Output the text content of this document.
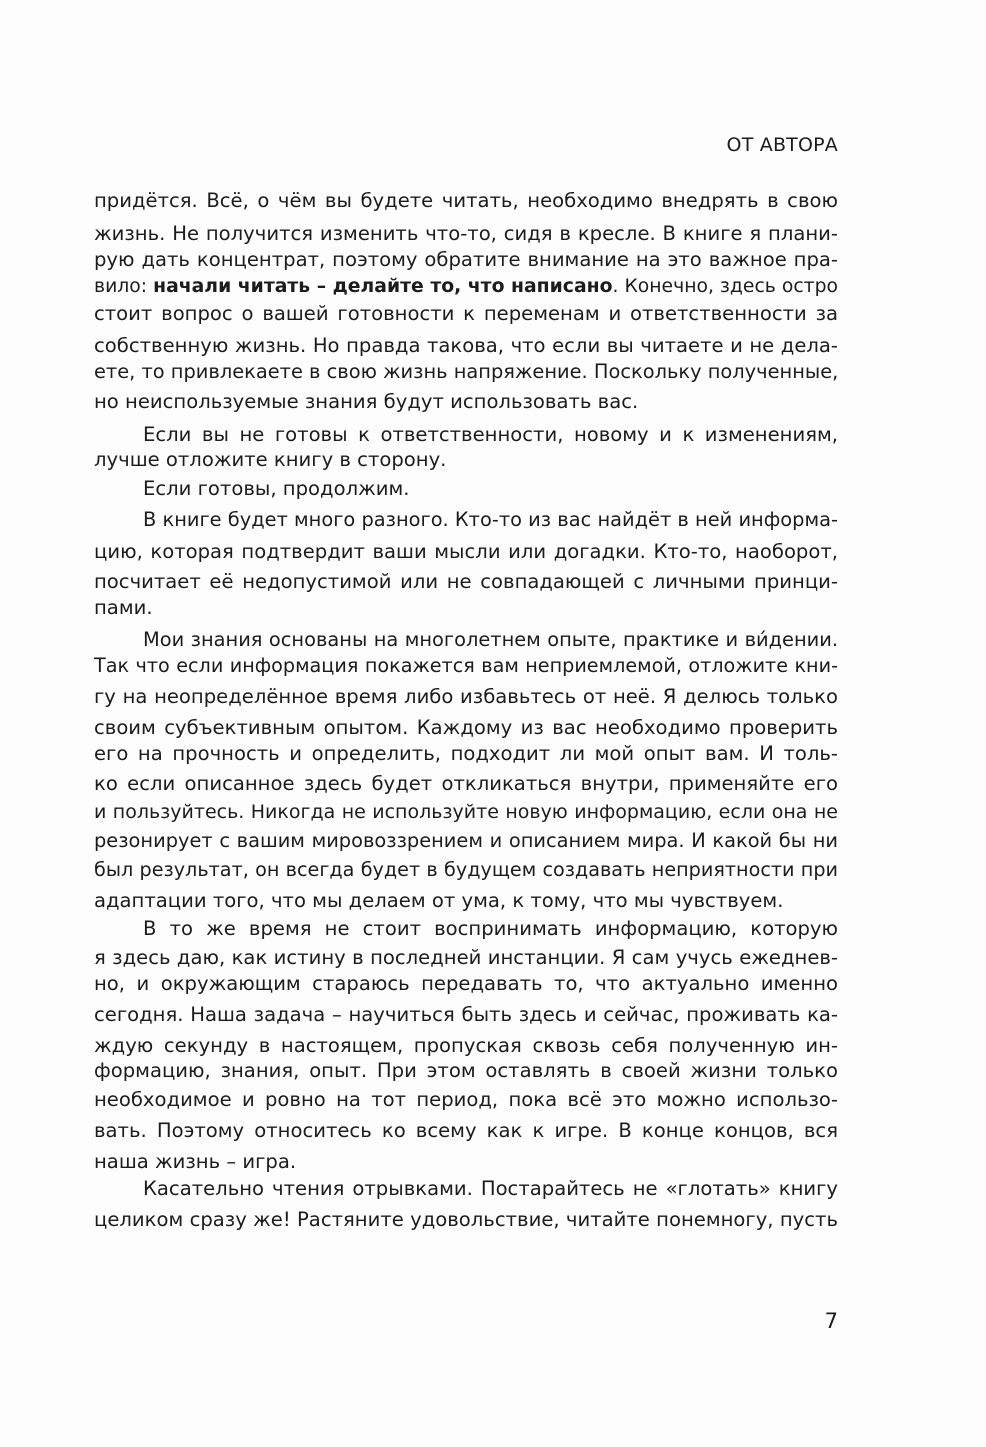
ОТ АВТОРА
придётся. Всё, о чём вы будете читать, необходимо внедрять в свою
жизнь. Не получится изменить что-то, сидя в кресле. В книге я плани-
рую дать концентрат, поэтому обратите внимание на это важное пра-
вило: начали читать – делайте то, что написано. Конечно, здесь остро
стоит вопрос о вашей готовности к переменам и ответственности за
собственную жизнь. Но правда такова, что если вы читаете и не дела-
ете, то привлекаете в свою жизнь напряжение. Поскольку полученные,
но неиспользуемые знания будут использовать вас.
Если вы не готовы к ответственности, новому и к изменениям,
лучше отложите книгу в сторону.
Если готовы, продолжим.
В книге будет много разного. Кто-то из вас найдёт в ней информа-
цию, которая подтвердит ваши мысли или догадки. Кто-то, наоборот,
посчитает её недопустимой или не совпадающей с личными принци-
пами.
Мои знания основаны на многолетнем опыте, практике и ви́дении.
Так что если информация покажется вам неприемлемой, отложите кни-
гу на неопределённое время либо избавьтесь от неё. Я делюсь только
своим субъективным опытом. Каждому из вас необходимо проверить
его на прочность и определить, подходит ли мой опыт вам. И толь-
ко если описанное здесь будет откликаться внутри, применяйте его
и пользуйтесь. Никогда не используйте новую информацию, если она не
резонирует с вашим мировоззрением и описанием мира. И какой бы ни
был результат, он всегда будет в будущем создавать неприятности при
адаптации того, что мы делаем от ума, к тому, что мы чувствуем.
В то же время не стоит воспринимать информацию, которую
я здесь даю, как истину в последней инстанции. Я сам учусь ежеднев-
но, и окружающим стараюсь передавать то, что актуально именно
сегодня. Наша задача – научиться быть здесь и сейчас, проживать ка-
ждую секунду в настоящем, пропуская сквозь себя полученную ин-
формацию, знания, опыт. При этом оставлять в своей жизни только
необходимое и ровно на тот период, пока всё это можно использо-
вать. Поэтому относитесь ко всему как к игре. В конце концов, вся
наша жизнь – игра.
Касательно чтения отрывками. Постарайтесь не «глотать» книгу
целиком сразу же! Растяните удовольствие, читайте понемногу, пусть
7
